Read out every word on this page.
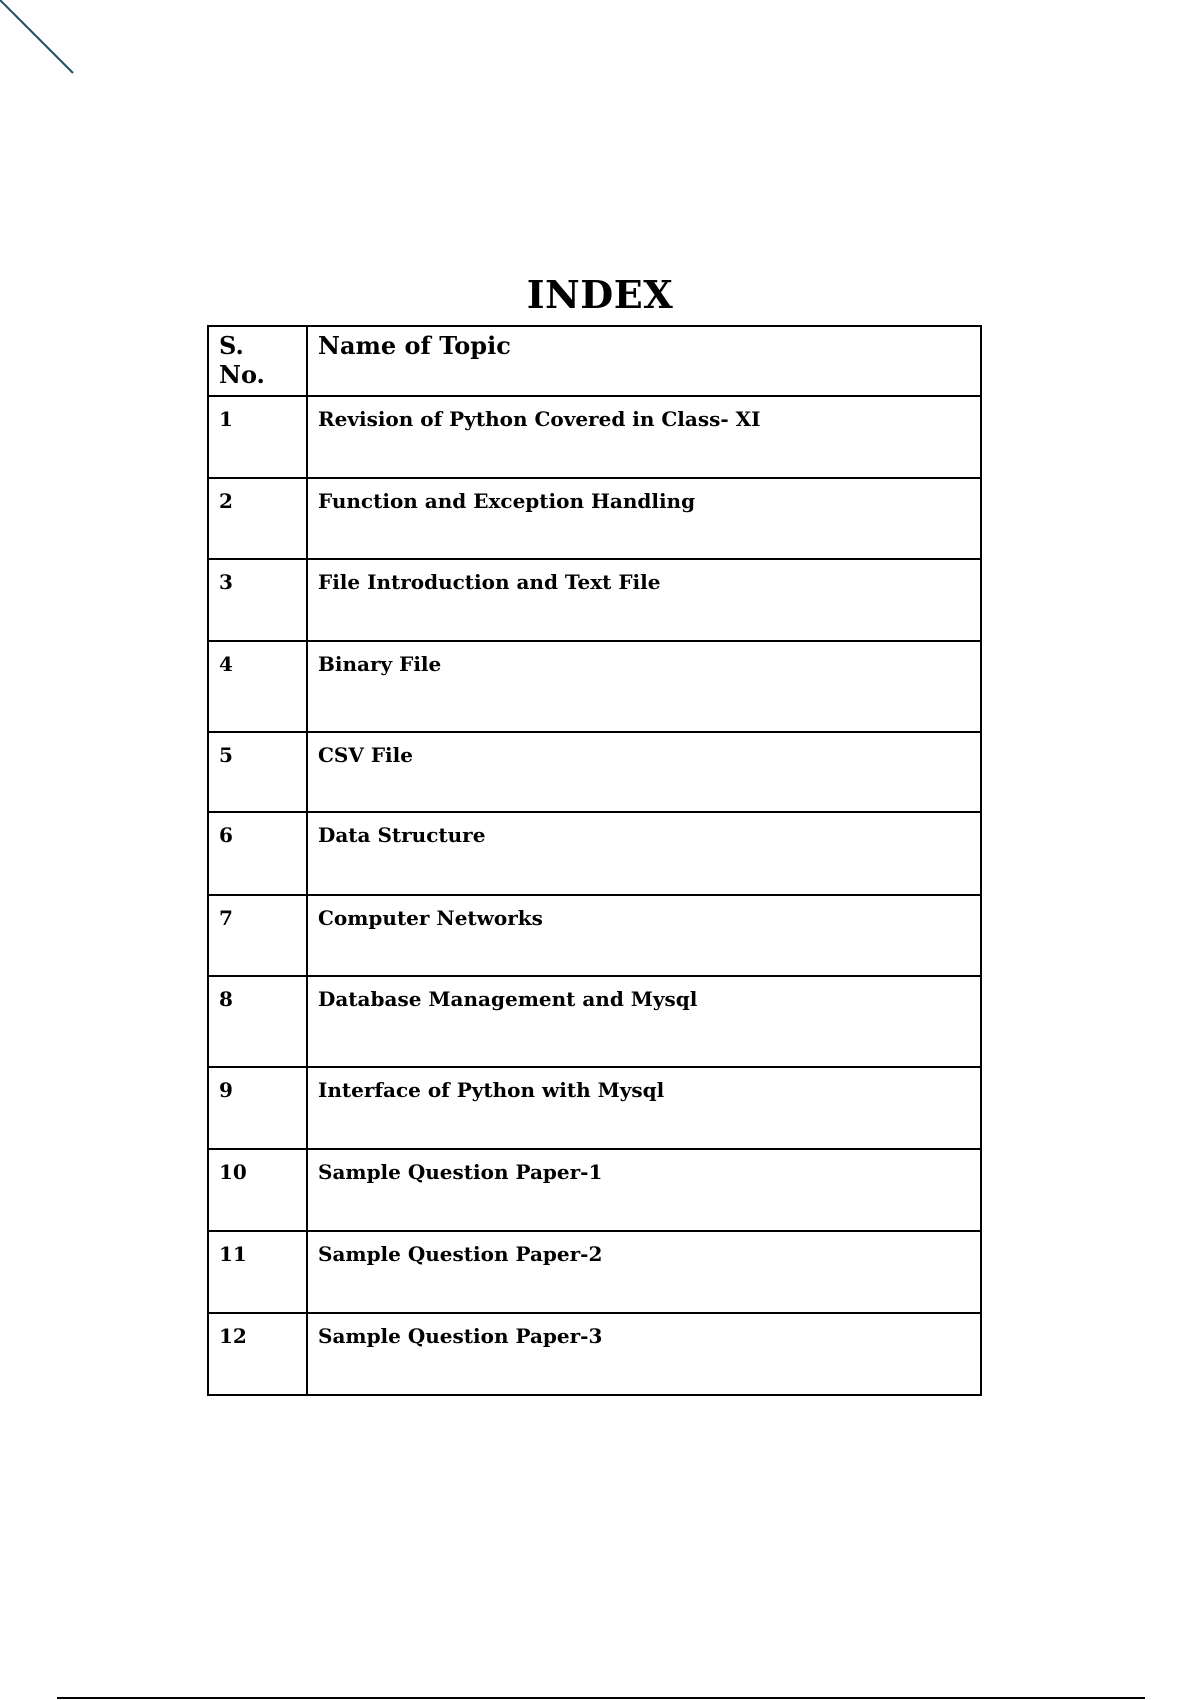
INDEX
S. No.	Name of Topic
1	Revision of Python Covered in Class- XI
2	Function and Exception Handling
3	File Introduction and Text File
4	Binary File
5	CSV File
6	Data Structure
7	Computer Networks
8	Database Management and Mysql
9	Interface of Python with Mysql
10	Sample Question Paper-1
11	Sample Question Paper-2
12	Sample Question Paper-3
